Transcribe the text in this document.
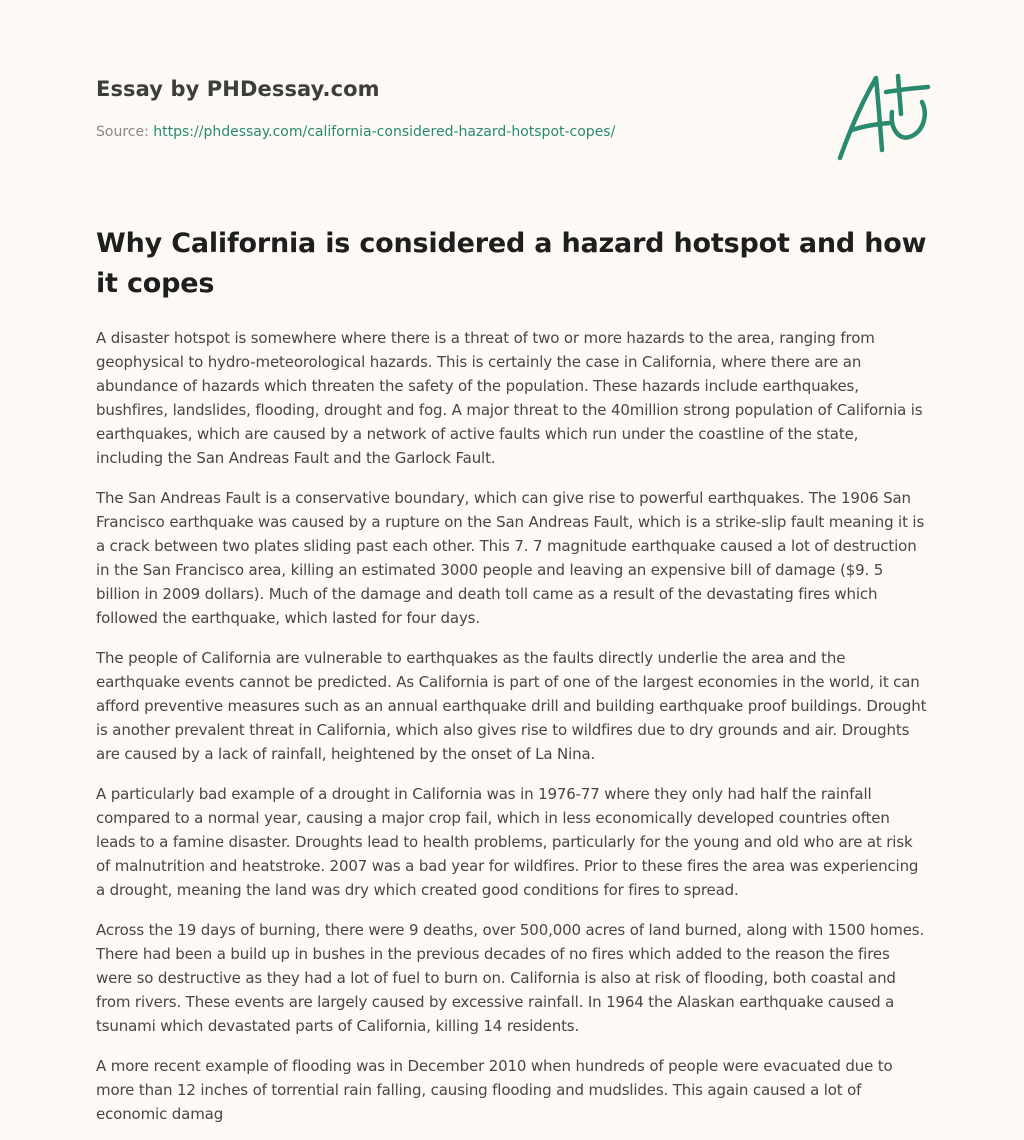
Essay by PHDessay.com
Source: https://phdessay.com/california-considered-hazard-hotspot-copes/
Why California is considered a hazard hotspot and how it copes

A disaster hotspot is somewhere where there is a threat of two or more hazards to the area, ranging from geophysical to hydro-meteorological hazards. This is certainly the case in California, where there are an abundance of hazards which threaten the safety of the population. These hazards include earthquakes, bushfires, landslides, flooding, drought and fog. A major threat to the 40million strong population of California is earthquakes, which are caused by a network of active faults which run under the coastline of the state, including the San Andreas Fault and the Garlock Fault.

The San Andreas Fault is a conservative boundary, which can give rise to powerful earthquakes. The 1906 San Francisco earthquake was caused by a rupture on the San Andreas Fault, which is a strike-slip fault meaning it is a crack between two plates sliding past each other. This 7. 7 magnitude earthquake caused a lot of destruction in the San Francisco area, killing an estimated 3000 people and leaving an expensive bill of damage ($9. 5 billion in 2009 dollars). Much of the damage and death toll came as a result of the devastating fires which followed the earthquake, which lasted for four days.

The people of California are vulnerable to earthquakes as the faults directly underlie the area and the earthquake events cannot be predicted. As California is part of one of the largest economies in the world, it can afford preventive measures such as an annual earthquake drill and building earthquake proof buildings. Drought is another prevalent threat in California, which also gives rise to wildfires due to dry grounds and air. Droughts are caused by a lack of rainfall, heightened by the onset of La Nina.

A particularly bad example of a drought in California was in 1976-77 where they only had half the rainfall compared to a normal year, causing a major crop fail, which in less economically developed countries often leads to a famine disaster. Droughts lead to health problems, particularly for the young and old who are at risk of malnutrition and heatstroke. 2007 was a bad year for wildfires. Prior to these fires the area was experiencing a drought, meaning the land was dry which created good conditions for fires to spread.

Across the 19 days of burning, there were 9 deaths, over 500,000 acres of land burned, along with 1500 homes. There had been a build up in bushes in the previous decades of no fires which added to the reason the fires were so destructive as they had a lot of fuel to burn on. California is also at risk of flooding, both coastal and from rivers. These events are largely caused by excessive rainfall. In 1964 the Alaskan earthquake caused a tsunami which devastated parts of California, killing 14 residents.

A more recent example of flooding was in December 2010 when hundreds of people were evacuated due to more than 12 inches of torrential rain falling, causing flooding and mudslides. This again caused a lot of economic damag
